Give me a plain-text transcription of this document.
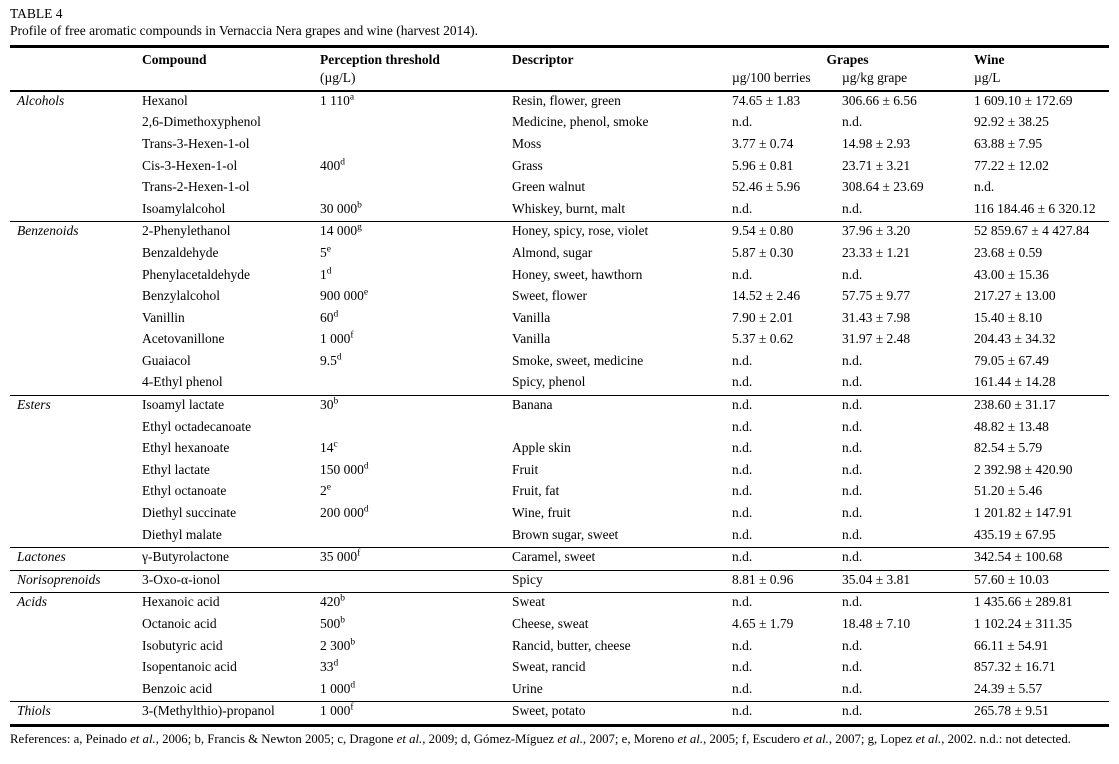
TABLE 4
Profile of free aromatic compounds in Vernaccia Nera grapes and wine (harvest 2014).
	Compound	Perception threshold	Descriptor	Grapes		Wine
		(µg/L)		µg/100 berries	µg/kg grape	µg/L
Alcohols	Hexanol	1 110$^a$	Resin, flower, green	74.65 ± 1.83	306.66 ± 6.56	1 609.10 ± 172.69
	2,6-Dimethoxyphenol		Medicine, phenol, smoke	n.d.	n.d.	92.92 ± 38.25
	Trans-3-Hexen-1-ol		Moss	3.77 ± 0.74	14.98 ± 2.93	63.88 ± 7.95
	Cis-3-Hexen-1-ol	400$^d$	Grass	5.96 ± 0.81	23.71 ± 3.21	77.22 ± 12.02
	Trans-2-Hexen-1-ol		Green walnut	52.46 ± 5.96	308.64 ± 23.69	n.d.
	Isoamylalcohol	30 000$^b$	Whiskey, burnt, malt	n.d.	n.d.	116 184.46 ± 6 320.12
Benzenoids	2-Phenylethanol	14 000$^g$	Honey, spicy, rose, violet	9.54 ± 0.80	37.96 ± 3.20	52 859.67 ± 4 427.84
	Benzaldehyde	5e	Almond, sugar	5.87 ± 0.30	23.33 ± 1.21	23.68 ± 0.59
	Phenylacetaldehyde	1$^d$	Honey, sweet, hawthorn	n.d.	n.d.	43.00 ± 15.36
	Benzylalcohol	900 000e	Sweet, flower	14.52 ± 2.46	57.75 ± 9.77	217.27 ± 13.00
	Vanillin	60$^d$	Vanilla	7.90 ± 2.01	31.43 ± 7.98	15.40 ± 8.10
	Acetovanillone	1 000$^f$	Vanilla	5.37 ± 0.62	31.97 ± 2.48	204.43 ± 34.32
	Guaiacol	9.5$^d$	Smoke, sweet, medicine	n.d.	n.d.	79.05 ± 67.49
	4-Ethyl phenol		Spicy, phenol	n.d.	n.d.	161.44 ± 14.28
Esters	Isoamyl lactate	30$^b$	Banana	n.d.	n.d.	238.60 ± 31.17
	Ethyl octadecanoate			n.d.	n.d.	48.82 ± 13.48
	Ethyl hexanoate	14$^c$	Apple skin	n.d.	n.d.	82.54 ± 5.79
	Ethyl lactate	150 000$^d$	Fruit	n.d.	n.d.	2 392.98 ± 420.90
	Ethyl octanoate	2e	Fruit, fat	n.d.	n.d.	51.20 ± 5.46
	Diethyl succinate	200 000$^d$	Wine, fruit	n.d.	n.d.	1 201.82 ± 147.91
	Diethyl malate		Brown sugar, sweet	n.d.	n.d.	435.19 ± 67.95
Lactones	γ-Butyrolactone	35 000$^f$	Caramel, sweet	n.d.	n.d.	342.54 ± 100.68
Norisoprenoids	3-Oxo-α-ionol		Spicy	8.81 ± 0.96	35.04 ± 3.81	57.60 ± 10.03
Acids	Hexanoic acid	420$^b$	Sweat	n.d.	n.d.	1 435.66 ± 289.81
	Octanoic acid	500$^b$	Cheese, sweat	4.65 ± 1.79	18.48 ± 7.10	1 102.24 ± 311.35
	Isobutyric acid	2 300$^b$	Rancid, butter, cheese	n.d.	n.d.	66.11 ± 54.91
	Isopentanoic acid	33$^d$	Sweat, rancid	n.d.	n.d.	857.32 ± 16.71
	Benzoic acid	1 000$^d$	Urine	n.d.	n.d.	24.39 ± 5.57
Thiols	3-(Methylthio)-propanol	1 000$^f$	Sweet, potato	n.d.	n.d.	265.78 ± 9.51
References: a, Peinado et al., 2006; b, Francis & Newton 2005; c, Dragone et al., 2009; d, Gómez-Míguez et al., 2007; e, Moreno et al., 2005; f, Escudero et al., 2007; g, Lopez et al., 2002. n.d.: not detected.
